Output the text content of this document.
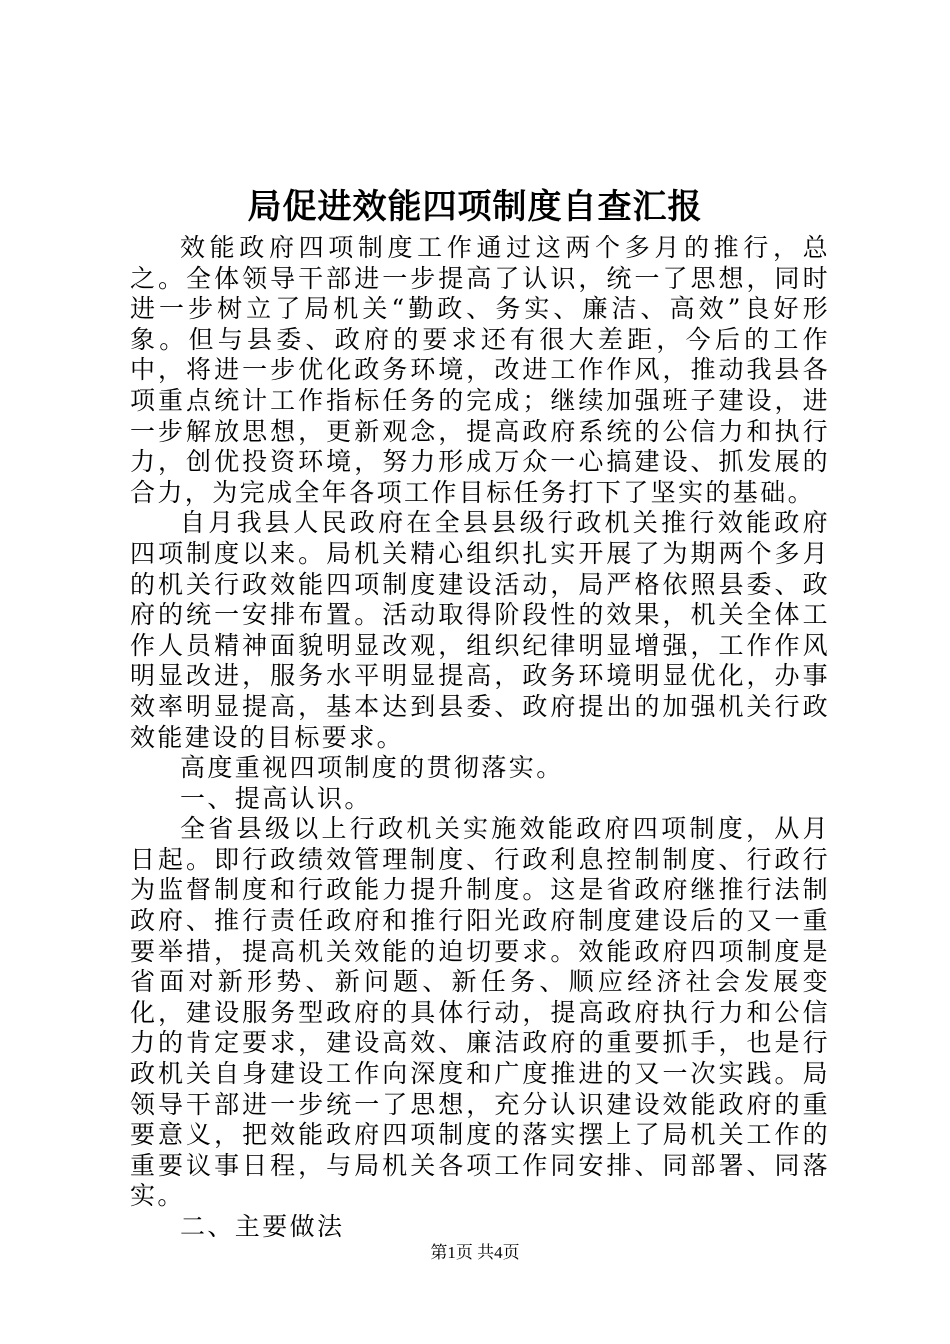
局促进效能四项制度自查汇报

效能政府四项制度工作通过这两个多月的推行，总之。全体领导干部进一步提高了认识，统一了思想，同时进一步树立了局机关“勤政、务实、廉洁、高效”良好形象。但与县委、政府的要求还有很大差距，今后的工作中，将进一步优化政务环境，改进工作作风，推动我县各项重点统计工作指标任务的完成；继续加强班子建设，进一步解放思想，更新观念，提高政府系统的公信力和执行力，创优投资环境，努力形成万众一心搞建设、抓发展的合力，为完成全年各项工作目标任务打下了坚实的基础。

自月我县人民政府在全县县级行政机关推行效能政府四项制度以来。局机关精心组织扎实开展了为期两个多月的机关行政效能四项制度建设活动，局严格依照县委、政府的统一安排布置。活动取得阶段性的效果，机关全体工作人员精神面貌明显改观，组织纪律明显增强，工作作风明显改进，服务水平明显提高，政务环境明显优化，办事效率明显提高，基本达到县委、政府提出的加强机关行政效能建设的目标要求。

高度重视四项制度的贯彻落实。

一、提高认识。

全省县级以上行政机关实施效能政府四项制度，从月日起。即行政绩效管理制度、行政利息控制制度、行政行为监督制度和行政能力提升制度。这是省政府继推行法制政府、推行责任政府和推行阳光政府制度建设后的又一重要举措，提高机关效能的迫切要求。效能政府四项制度是省面对新形势、新问题、新任务、顺应经济社会发展变化，建设服务型政府的具体行动，提高政府执行力和公信力的肯定要求，建设高效、廉洁政府的重要抓手，也是行政机关自身建设工作向深度和广度推进的又一次实践。局领导干部进一步统一了思想，充分认识建设效能政府的重要意义，把效能政府四项制度的落实摆上了局机关工作的重要议事日程，与局机关各项工作同安排、同部署、同落实。

二、主要做法

第1页 共4页
